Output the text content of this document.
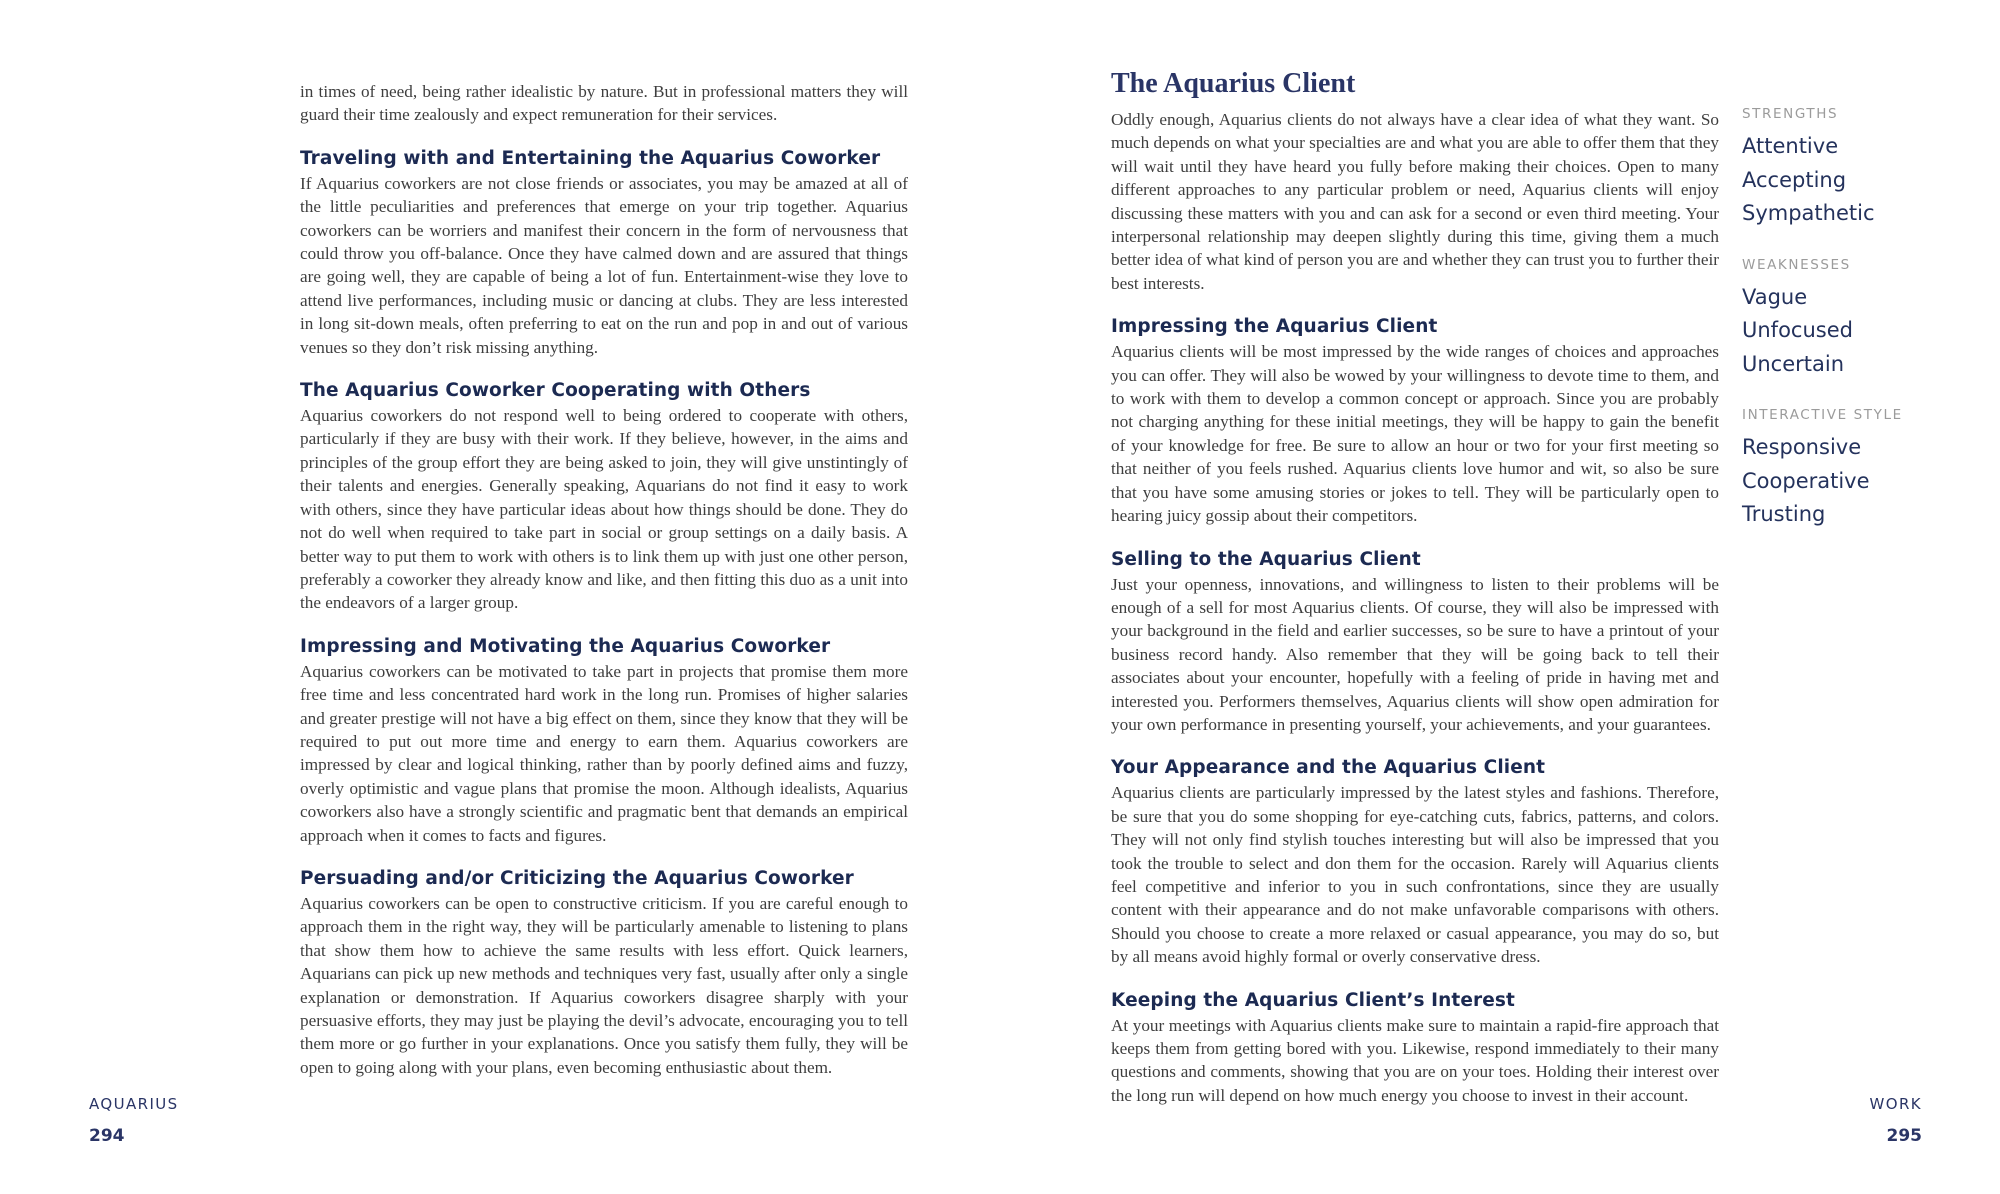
in times of need, being rather idealistic by nature. But in professional matters they will guard their time zealously and expect remuneration for their services.

Traveling with and Entertaining the Aquarius Coworker

If Aquarius coworkers are not close friends or associates, you may be amazed at all of the little peculiarities and preferences that emerge on your trip together. Aquarius coworkers can be worriers and manifest their concern in the form of nervousness that could throw you off-balance. Once they have calmed down and are assured that things are going well, they are capable of being a lot of fun. Entertainment-wise they love to attend live performances, including music or dancing at clubs. They are less interested in long sit-down meals, often preferring to eat on the run and pop in and out of various venues so they don’t risk missing anything.

The Aquarius Coworker Cooperating with Others

Aquarius coworkers do not respond well to being ordered to cooperate with others, particularly if they are busy with their work. If they believe, however, in the aims and principles of the group effort they are being asked to join, they will give unstintingly of their talents and energies. Generally speaking, Aquarians do not find it easy to work with others, since they have particular ideas about how things should be done. They do not do well when required to take part in social or group settings on a daily basis. A better way to put them to work with others is to link them up with just one other person, preferably a coworker they already know and like, and then fitting this duo as a unit into the endeavors of a larger group.

Impressing and Motivating the Aquarius Coworker

Aquarius coworkers can be motivated to take part in projects that promise them more free time and less concentrated hard work in the long run. Promises of higher salaries and greater prestige will not have a big effect on them, since they know that they will be required to put out more time and energy to earn them. Aquarius coworkers are impressed by clear and logical thinking, rather than by poorly defined aims and fuzzy, overly optimistic and vague plans that promise the moon. Although idealists, Aquarius coworkers also have a strongly scientific and pragmatic bent that demands an empirical approach when it comes to facts and figures.

Persuading and/or Criticizing the Aquarius Coworker

Aquarius coworkers can be open to constructive criticism. If you are careful enough to approach them in the right way, they will be particularly amenable to listening to plans that show them how to achieve the same results with less effort. Quick learners, Aquarians can pick up new methods and techniques very fast, usually after only a single explanation or demonstration. If Aquarius coworkers disagree sharply with your persuasive efforts, they may just be playing the devil’s advocate, encouraging you to tell them more or go further in your explanations. Once you satisfy them fully, they will be open to going along with your plans, even becoming enthusiastic about them.

AQUARIUS
294
The Aquarius Client

Oddly enough, Aquarius clients do not always have a clear idea of what they want. So much depends on what your specialties are and what you are able to offer them that they will wait until they have heard you fully before making their choices. Open to many different approaches to any particular problem or need, Aquarius clients will enjoy discussing these matters with you and can ask for a second or even third meeting. Your interpersonal relationship may deepen slightly during this time, giving them a much better idea of what kind of person you are and whether they can trust you to further their best interests.

Impressing the Aquarius Client

Aquarius clients will be most impressed by the wide ranges of choices and approaches you can offer. They will also be wowed by your willingness to devote time to them, and to work with them to develop a common concept or approach. Since you are probably not charging anything for these initial meetings, they will be happy to gain the benefit of your knowledge for free. Be sure to allow an hour or two for your first meeting so that neither of you feels rushed. Aquarius clients love humor and wit, so also be sure that you have some amusing stories or jokes to tell. They will be particularly open to hearing juicy gossip about their competitors.

Selling to the Aquarius Client

Just your openness, innovations, and willingness to listen to their problems will be enough of a sell for most Aquarius clients. Of course, they will also be impressed with your background in the field and earlier successes, so be sure to have a printout of your business record handy. Also remember that they will be going back to tell their associates about your encounter, hopefully with a feeling of pride in having met and interested you. Performers themselves, Aquarius clients will show open admiration for your own performance in presenting yourself, your achievements, and your guarantees.

Your Appearance and the Aquarius Client

Aquarius clients are particularly impressed by the latest styles and fashions. Therefore, be sure that you do some shopping for eye-catching cuts, fabrics, patterns, and colors. They will not only find stylish touches interesting but will also be impressed that you took the trouble to select and don them for the occasion. Rarely will Aquarius clients feel competitive and inferior to you in such confrontations, since they are usually content with their appearance and do not make unfavorable comparisons with others. Should you choose to create a more relaxed or casual appearance, you may do so, but by all means avoid highly formal or overly conservative dress.

Keeping the Aquarius Client’s Interest

At your meetings with Aquarius clients make sure to maintain a rapid-fire approach that keeps them from getting bored with you. Likewise, respond immediately to their many questions and comments, showing that you are on your toes. Holding their interest over the long run will depend on how much energy you choose to invest in their account.

STRENGTHS
Attentive
Accepting
Sympathetic
WEAKNESSES
Vague
Unfocused
Uncertain
INTERACTIVE STYLE
Responsive
Cooperative
Trusting
WORK
295
